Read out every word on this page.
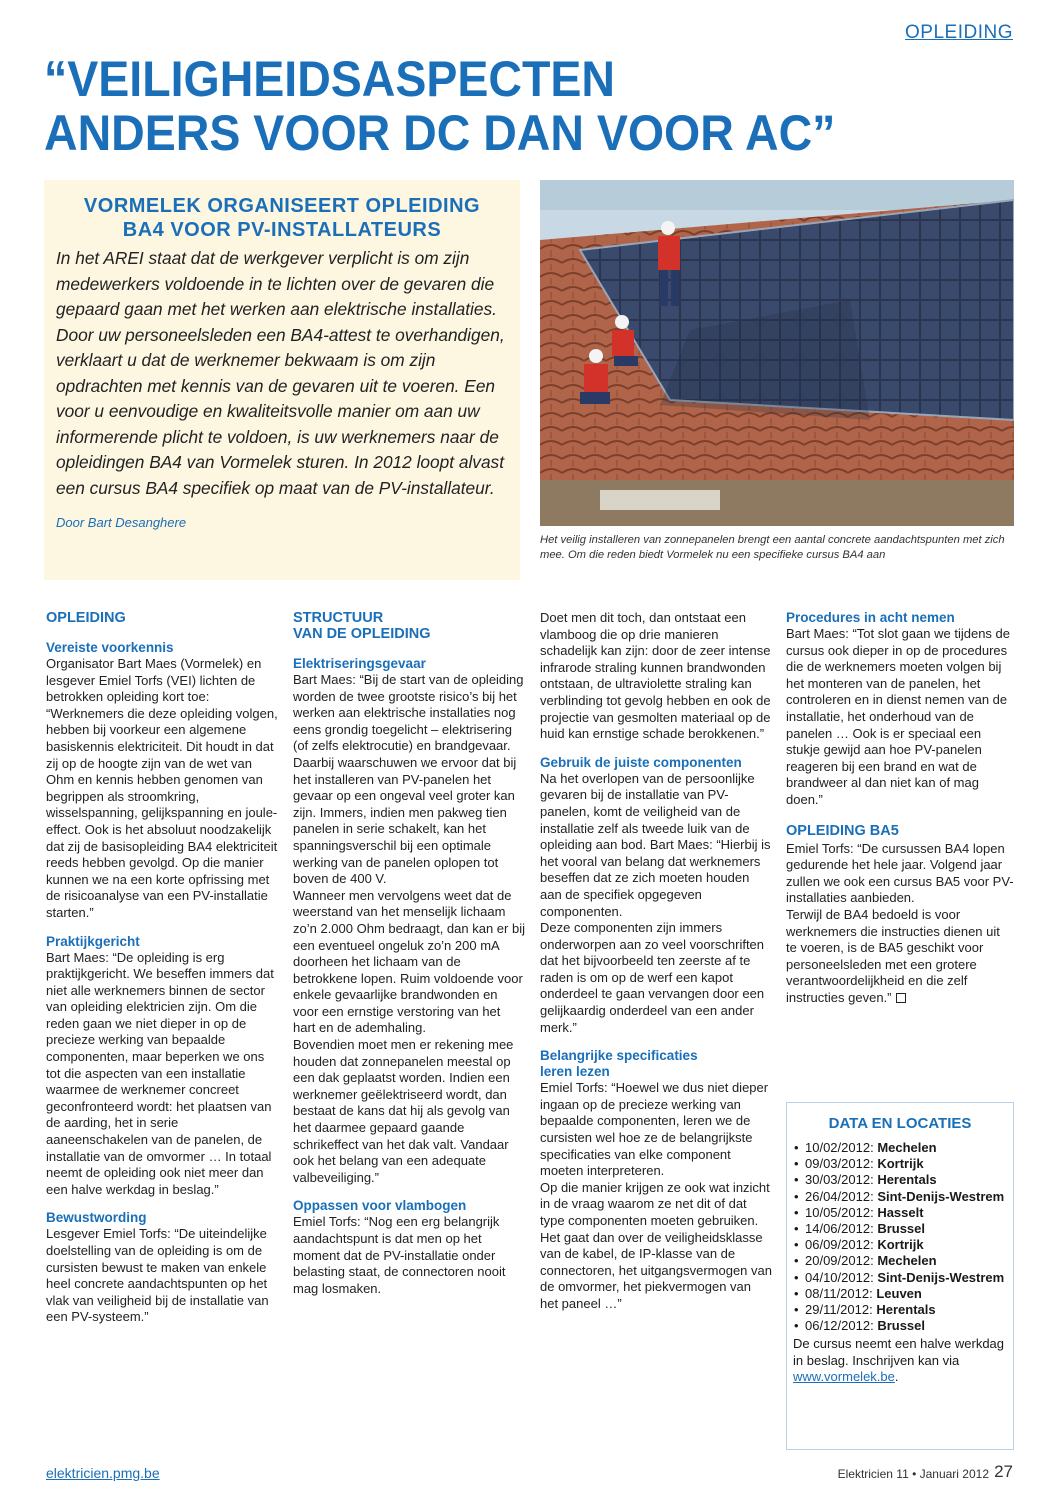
OPLEIDING
“VEILIGHEIDSASPECTEN
ANDERS VOOR DC DAN VOOR AC”
VORMELEK ORGANISEERT OPLEIDING
BA4 VOOR PV-INSTALLATEURS
In het AREI staat dat de werkgever verplicht is om zijn medewerkers voldoende in te lichten over de gevaren die gepaard gaan met het werken aan elektrische installaties. Door uw personeelsleden een BA4-attest te overhandigen, verklaart u dat de werknemer bekwaam is om zijn opdrachten met kennis van de gevaren uit te voeren. Een voor u eenvoudige en kwaliteitsvolle manier om aan uw informerende plicht te voldoen, is uw werknemers naar de opleidingen BA4 van Vormelek sturen. In 2012 loopt alvast een cursus BA4 specifiek op maat van de PV-installateur.
Door Bart Desanghere
Het veilig installeren van zonnepanelen brengt een aantal concrete aandachtspunten met zich mee. Om die reden biedt Vormelek nu een specifieke cursus BA4 aan
OPLEIDING
Vereiste voorkennis

Organisator Bart Maes (Vormelek) en lesgever Emiel Torfs (VEI) lichten de betrokken opleiding kort toe: “Werknemers die deze opleiding volgen, hebben bij voorkeur een algemene basiskennis elektriciteit. Dit houdt in dat zij op de hoogte zijn van de wet van Ohm en kennis hebben genomen van begrippen als stroomkring, wisselspanning, gelijkspanning en joule-effect. Ook is het absoluut noodzakelijk dat zij de basisopleiding BA4 elektriciteit reeds hebben gevolgd. Op die manier kunnen we na een korte opfrissing met de risicoanalyse van een PV-installatie starten.”

Praktijkgericht

Bart Maes: “De opleiding is erg praktijkgericht. We beseffen immers dat niet alle werknemers binnen de sector van opleiding elektricien zijn. Om die reden gaan we niet dieper in op de precieze werking van bepaalde componenten, maar beperken we ons tot die aspecten van een installatie waarmee de werknemer concreet geconfronteerd wordt: het plaatsen van de aarding, het in serie aaneenschakelen van de panelen, de installatie van de omvormer … In totaal neemt de opleiding ook niet meer dan een halve werkdag in beslag.”

Bewustwording

Lesgever Emiel Torfs: “De uiteindelijke doelstelling van de opleiding is om de cursisten bewust te maken van enkele heel concrete aandachtspunten op het vlak van veiligheid bij de installatie van een PV-systeem.”

STRUCTUUR
VAN DE OPLEIDING
Elektriseringsgevaar

Bart Maes: “Bij de start van de opleiding worden de twee grootste risico’s bij het werken aan elektrische installaties nog eens grondig toegelicht – elektrisering (of zelfs elektrocutie) en brandgevaar. Daarbij waarschuwen we ervoor dat bij het installeren van PV-panelen het gevaar op een ongeval veel groter kan zijn. Immers, indien men pakweg tien panelen in serie schakelt, kan het spanningsverschil bij een optimale werking van de panelen oplopen tot boven de 400 V.

Wanneer men vervolgens weet dat de weerstand van het menselijk lichaam zo’n 2.000 Ohm bedraagt, dan kan er bij een eventueel ongeluk zo’n 200 mA doorheen het lichaam van de betrokkene lopen. Ruim voldoende voor enkele gevaarlijke brandwonden en voor een ernstige verstoring van het hart en de ademhaling.

Bovendien moet men er rekening mee houden dat zonnepanelen meestal op een dak geplaatst worden. Indien een werknemer geëlektriseerd wordt, dan bestaat de kans dat hij als gevolg van het daarmee gepaard gaande schrikeffect van het dak valt. Vandaar ook het belang van een adequate valbeveiliging.”

Oppassen voor vlambogen

Emiel Torfs: “Nog een erg belangrijk aandachtspunt is dat men op het moment dat de PV-installatie onder belasting staat, de connectoren nooit mag losmaken.

Doet men dit toch, dan ontstaat een vlamboog die op drie manieren schadelijk kan zijn: door de zeer intense infrarode straling kunnen brandwonden ontstaan, de ultraviolette straling kan verblinding tot gevolg hebben en ook de projectie van gesmolten materiaal op de huid kan ernstige schade berokkenen.”

Gebruik de juiste componenten

Na het overlopen van de persoonlijke gevaren bij de installatie van PV-panelen, komt de veiligheid van de installatie zelf als tweede luik van de opleiding aan bod. Bart Maes: “Hierbij is het vooral van belang dat werknemers beseffen dat ze zich moeten houden aan de specifiek opgegeven componenten.

Deze componenten zijn immers onderworpen aan zo veel voorschriften dat het bijvoorbeeld ten zeerste af te raden is om op de werf een kapot onderdeel te gaan vervangen door een gelijkaardig onderdeel van een ander merk.”

Belangrijke specificaties
leren lezen

Emiel Torfs: “Hoewel we dus niet dieper ingaan op de precieze werking van bepaalde componenten, leren we de cursisten wel hoe ze de belangrijkste specificaties van elke component moeten interpreteren.

Op die manier krijgen ze ook wat inzicht in de vraag waarom ze net dit of dat type componenten moeten gebruiken. Het gaat dan over de veiligheidsklasse van de kabel, de IP-klasse van de connectoren, het uitgangsvermogen van de omvormer, het piekvermogen van het paneel …”

Procedures in acht nemen

Bart Maes: “Tot slot gaan we tijdens de cursus ook dieper in op de procedures die de werknemers moeten volgen bij het monteren van de panelen, het controleren en in dienst nemen van de installatie, het onderhoud van de panelen … Ook is er speciaal een stukje gewijd aan hoe PV-panelen reageren bij een brand en wat de brandweer al dan niet kan of mag doen.”

OPLEIDING BA5

Emiel Torfs: “De cursussen BA4 lopen gedurende het hele jaar. Volgend jaar zullen we ook een cursus BA5 voor PV-installaties aanbieden.

Terwijl de BA4 bedoeld is voor werknemers die instructies dienen uit te voeren, is de BA5 geschikt voor personeelsleden met een grotere verantwoordelijkheid en die zelf instructies geven.”

DATA EN LOCATIES
• 10/02/2012: Mechelen
• 09/03/2012: Kortrijk
• 30/03/2012: Herentals
• 26/04/2012: Sint-Denijs-Westrem
• 10/05/2012: Hasselt
• 14/06/2012: Brussel
• 06/09/2012: Kortrijk
• 20/09/2012: Mechelen
• 04/10/2012: Sint-Denijs-Westrem
• 08/11/2012: Leuven
• 29/11/2012: Herentals
• 06/12/2012: Brussel
De cursus neemt een halve werkdag in beslag. Inschrijven kan via www.vormelek.be.
elektricien.pmg.be	Elektricien 11 • Januari 2012 27
